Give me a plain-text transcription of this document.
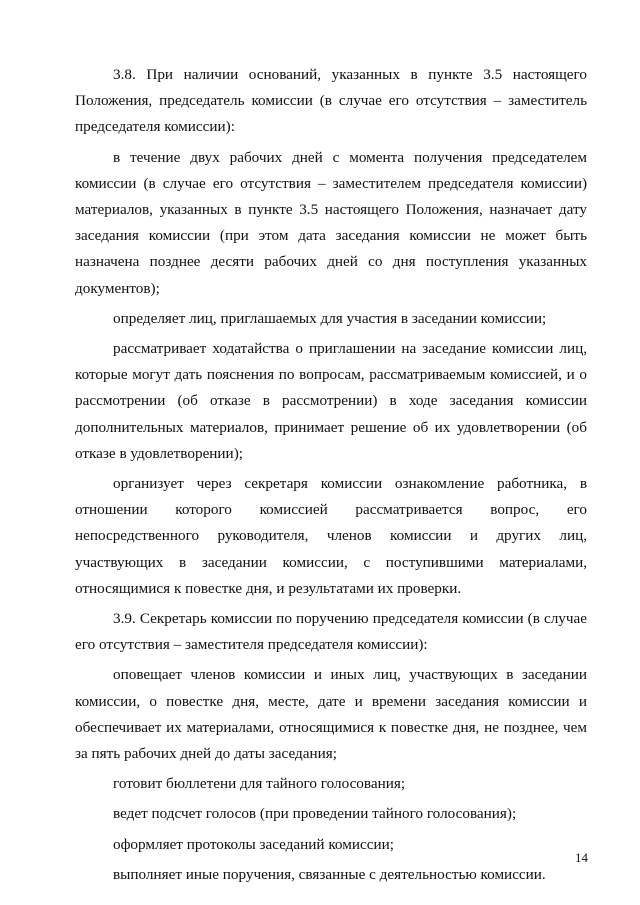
3.8. При наличии оснований, указанных в пункте 3.5 настоящего Положения, председатель комиссии (в случае его отсутствия – заместитель председателя комиссии):

в течение двух рабочих дней с момента получения председателем комиссии (в случае его отсутствия – заместителем председателя комиссии) материалов, указанных в пункте 3.5 настоящего Положения, назначает дату заседания комиссии (при этом дата заседания комиссии не может быть назначена позднее десяти рабочих дней со дня поступления указанных документов);

определяет лиц, приглашаемых для участия в заседании комиссии;

рассматривает ходатайства о приглашении на заседание комиссии лиц, которые могут дать пояснения по вопросам, рассматриваемым комиссией, и о рассмотрении (об отказе в рассмотрении) в ходе заседания комиссии дополнительных материалов, принимает решение об их удовлетворении (об отказе в удовлетворении);

организует через секретаря комиссии ознакомление работника, в отношении которого комиссией рассматривается вопрос, его непосредственного руководителя, членов комиссии и других лиц, участвующих в заседании комиссии, с поступившими материалами, относящимися к повестке дня, и результатами их проверки.

3.9. Секретарь комиссии по поручению председателя комиссии (в случае его отсутствия – заместителя председателя комиссии):

оповещает членов комиссии и иных лиц, участвующих в заседании комиссии, о повестке дня, месте, дате и времени заседания комиссии и обеспечивает их материалами, относящимися к повестке дня, не позднее, чем за пять рабочих дней до даты заседания;

готовит бюллетени для тайного голосования;

ведет подсчет голосов (при проведении тайного голосования);

оформляет протоколы заседаний комиссии;

выполняет иные поручения, связанные с деятельностью комиссии.

14
